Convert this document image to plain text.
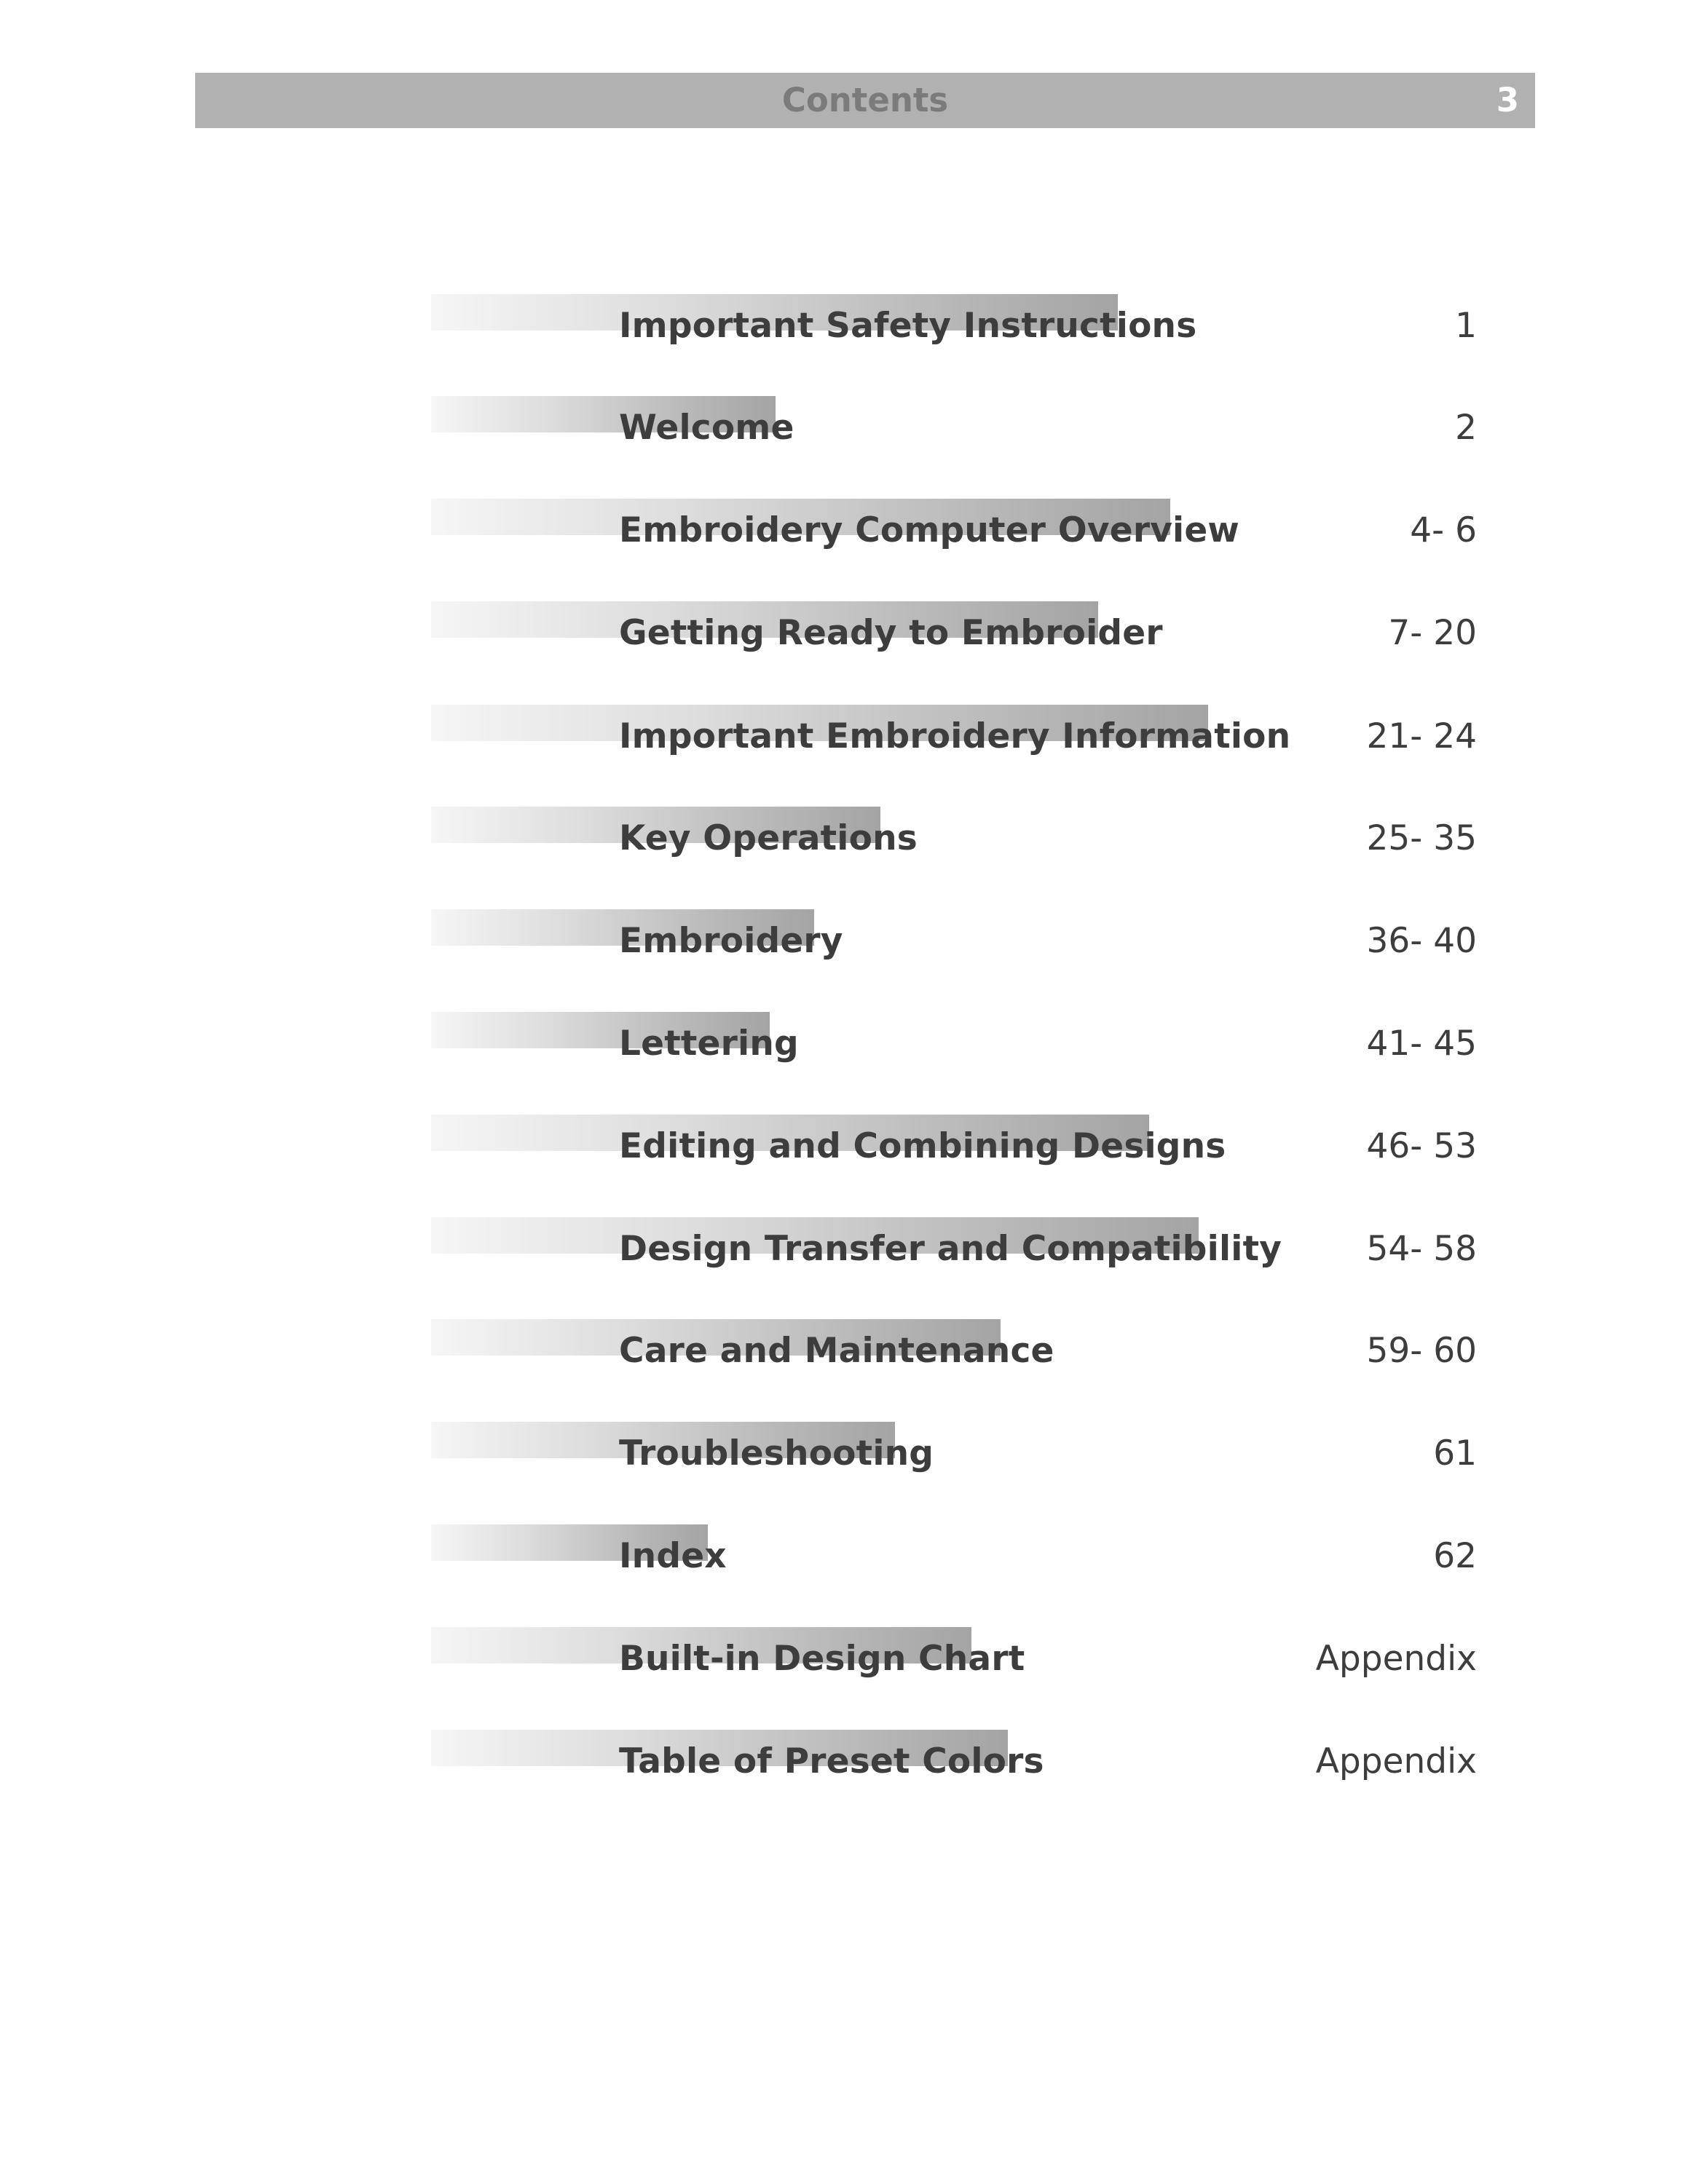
Contents	3
Important Safety Instructions	1
Welcome	2
Embroidery Computer Overview	4- 6
Getting Ready to Embroider	7- 20
Important Embroidery Information 21- 24
Key Operations	25- 35
Embroidery	36- 40
Lettering	41- 45
Editing and Combining Designs	46- 53
Design Transfer and Compatibility 54- 58
Care and Maintenance	59- 60
Troubleshooting	61
Index	62
Built-in Design Chart	Appendix
Table of Preset Colors	Appendix
